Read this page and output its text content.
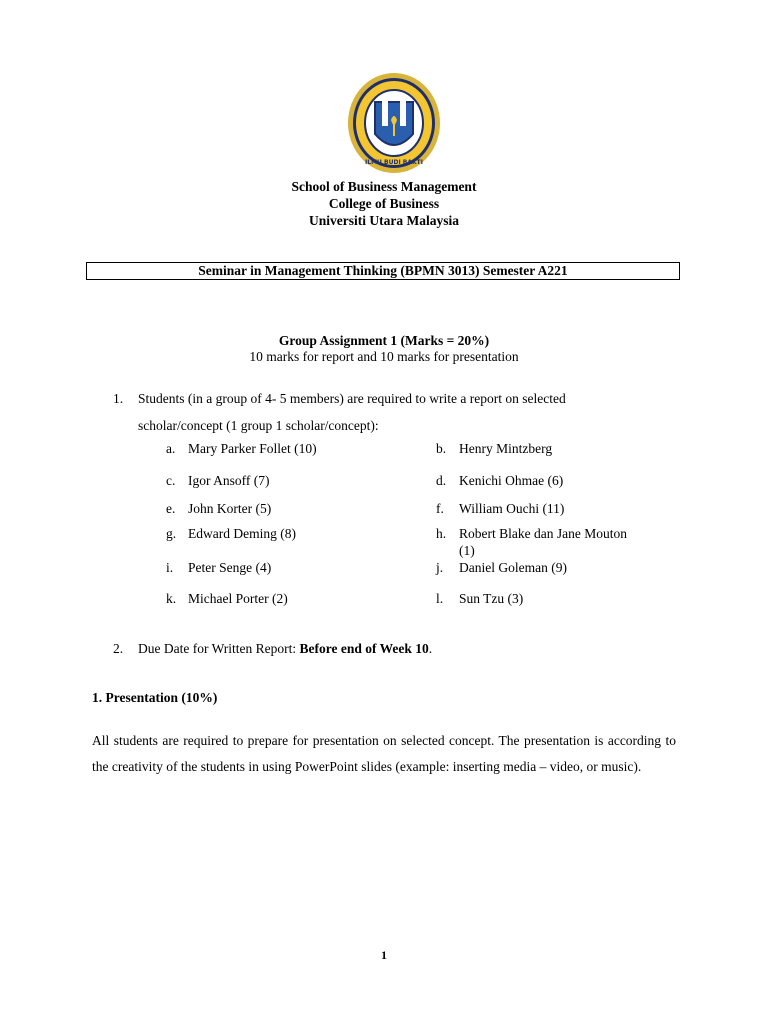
ILMU BUDI BAKTI
School of Business Management
College of Business
Universiti Utara Malaysia
Seminar in Management Thinking (BPMN 3013) Semester A221
Group Assignment 1 (Marks = 20%)
10 marks for report and 10 marks for presentation
1. Students (in a group of 4- 5 members) are required to write a report on selected
scholar/concept (1 group 1 scholar/concept):
a. Mary Parker Follet (10)	b. Henry Mintzberg
c. Igor Ansoff (7)	d. Kenichi Ohmae (6)
e. John Korter (5)	f. William Ouchi (11)
g. Edward Deming (8)	h. Robert Blake dan Jane Mouton
(1)
i. Peter Senge (4)	j. Daniel Goleman (9)
k. Michael Porter (2)	l. Sun Tzu (3)
2. Due Date for Written Report: Before end of Week 10.
1. Presentation (10%)
All students are required to prepare for presentation on selected concept. The presentation is according to the creativity of the students in using PowerPoint slides (example: inserting media – video, or music).
1
